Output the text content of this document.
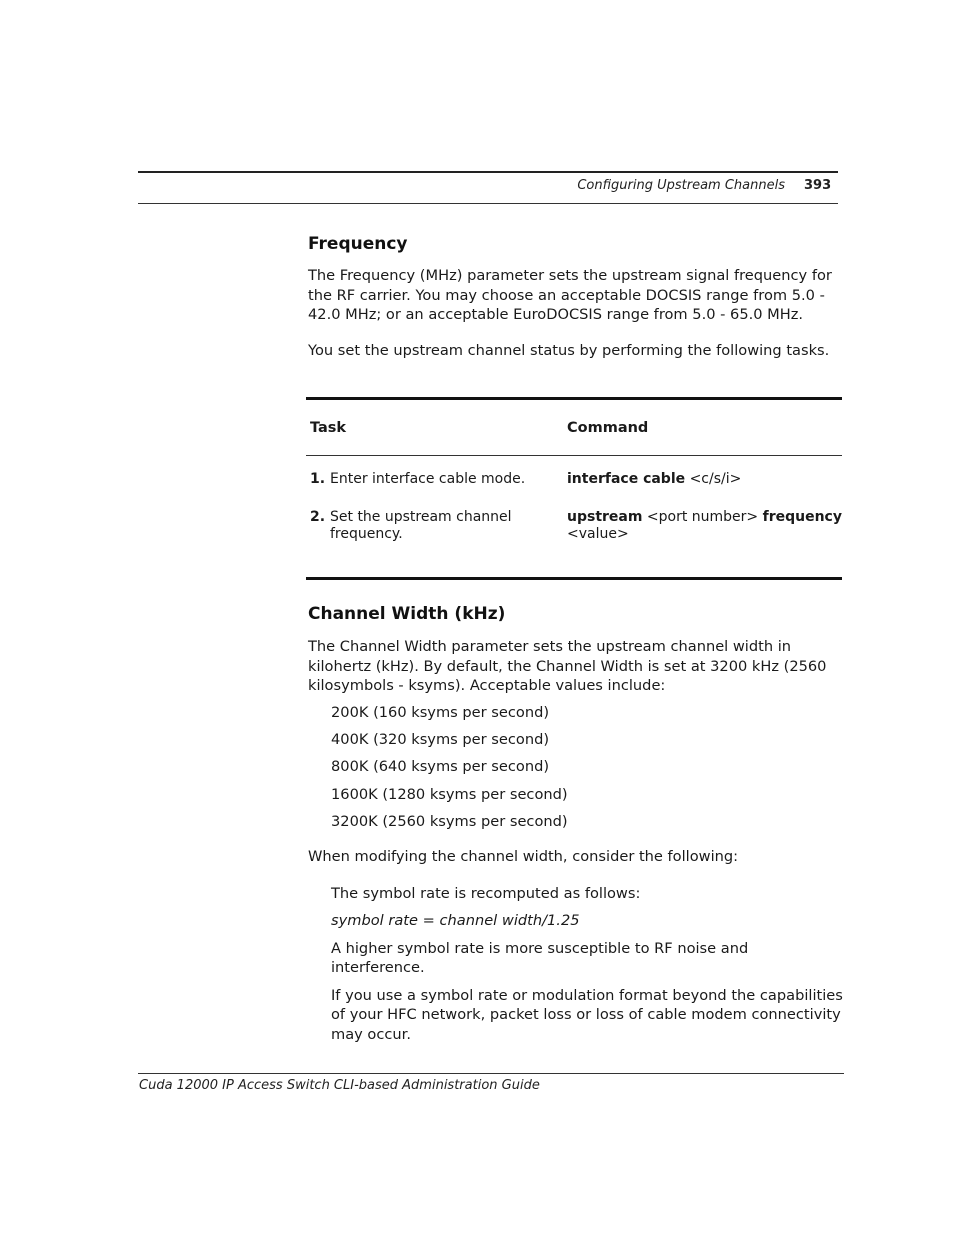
Configuring Upstream Channels 393
Frequency

The Frequency (MHz) parameter sets the upstream signal frequency for the RF carrier. You may choose an acceptable DOCSIS range from 5.0 - 42.0 MHz; or an acceptable EuroDOCSIS range from 5.0 - 65.0 MHz.

You set the upstream channel status by performing the following tasks.

Task	Command
1. Enter interface cable mode.	interface cable <c/s/i>
2. Set the upstream channel frequency.
upstream <port number> frequency <value>
Channel Width (kHz)

The Channel Width parameter sets the upstream channel width in kilohertz (kHz). By default, the Channel Width is set at 3200 kHz (2560 kilosymbols - ksyms). Acceptable values include:

200K (160 ksyms per second)
400K (320 ksyms per second)
800K (640 ksyms per second)
1600K (1280 ksyms per second)
3200K (2560 ksyms per second)

When modifying the channel width, consider the following:

The symbol rate is recomputed as follows:
symbol rate = channel width/1.25
A higher symbol rate is more susceptible to RF noise and interference.
If you use a symbol rate or modulation format beyond the capabilities of your HFC network, packet loss or loss of cable modem connectivity may occur.
Cuda 12000 IP Access Switch CLI-based Administration Guide
